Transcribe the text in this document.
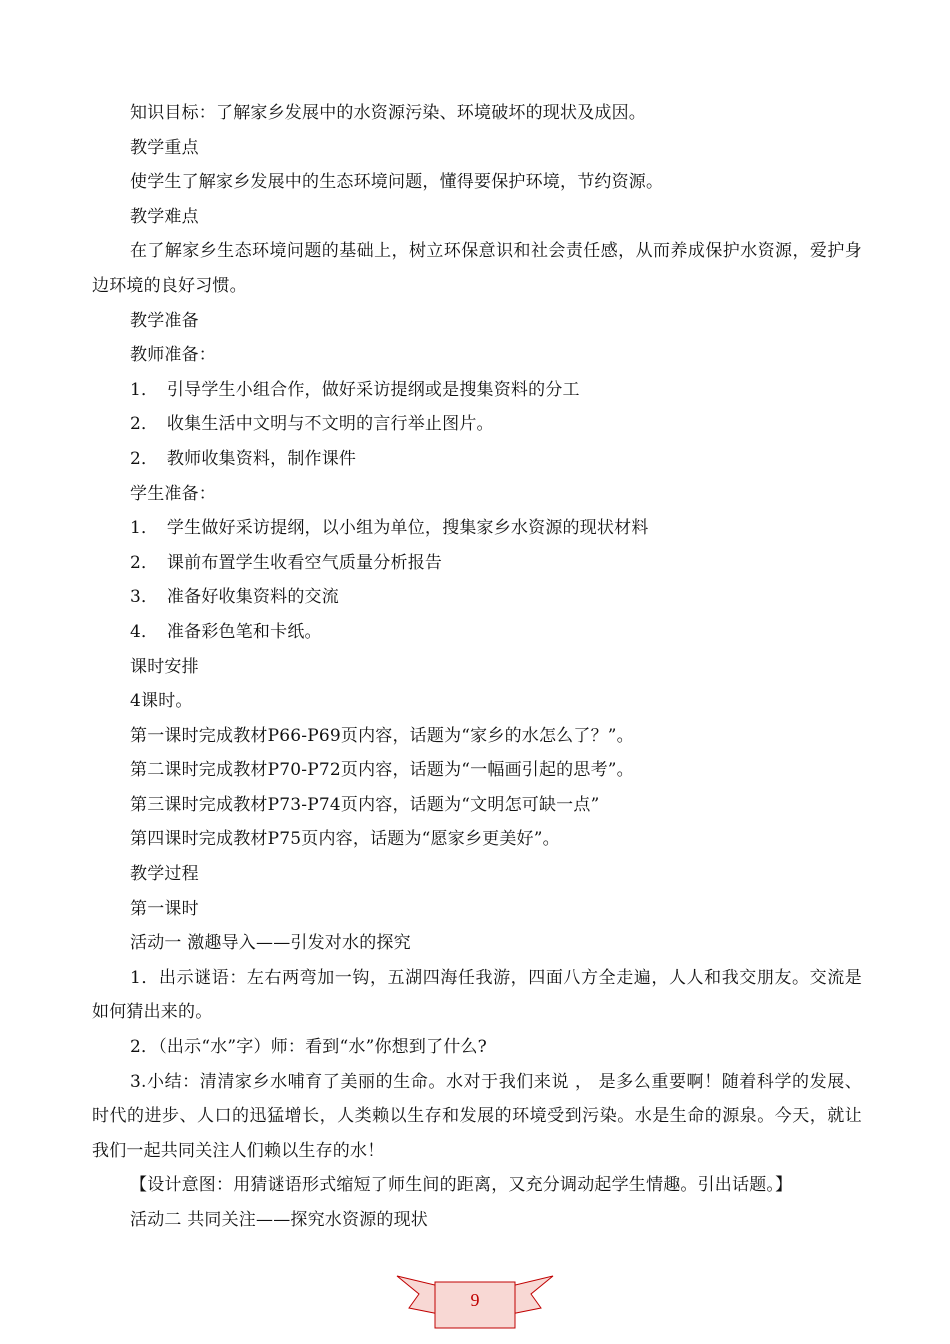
知识目标：了解家乡发展中的水资源污染、环境破坏的现状及成因。
教学重点
使学生了解家乡发展中的生态环境问题，懂得要保护环境，节约资源。
教学难点
在了解家乡生态环境问题的基础上，树立环保意识和社会责任感，从而养成保护水资源，爱护身边环境的良好习惯。
教学准备
教师准备：
1．　引导学生小组合作，做好采访提纲或是搜集资料的分工
2．　收集生活中文明与不文明的言行举止图片。
2．　教师收集资料，制作课件
学生准备：
1．　学生做好采访提纲，以小组为单位，搜集家乡水资源的现状材料
2．　课前布置学生收看空气质量分析报告
3．　准备好收集资料的交流
4．　准备彩色笔和卡纸。
课时安排
4课时。
第一课时完成教材P66-P69页内容，话题为“家乡的水怎么了？”。
第二课时完成教材P70-P72页内容，话题为“一幅画引起的思考”。
第三课时完成教材P73-P74页内容，话题为“文明怎可缺一点”
第四课时完成教材P75页内容，话题为“愿家乡更美好”。
教学过程
第一课时
活动一 激趣导入——引发对水的探究
1．出示谜语：左右两弯加一钩，五湖四海任我游，四面八方全走遍，人人和我交朋友。交流是如何猜出来的。
2．（出示“水”字）师：看到“水”你想到了什么?
3.小结：清清家乡水哺育了美丽的生命。水对于我们来说 ， 是多么重要啊！随着科学的发展、时代的进步、人口的迅猛增长，人类赖以生存和发展的环境受到污染。水是生命的源泉。今天，就让我们一起共同关注人们赖以生存的水！
【设计意图：用猜谜语形式缩短了师生间的距离，又充分调动起学生情趣。引出话题。】
活动二 共同关注——探究水资源的现状
9
